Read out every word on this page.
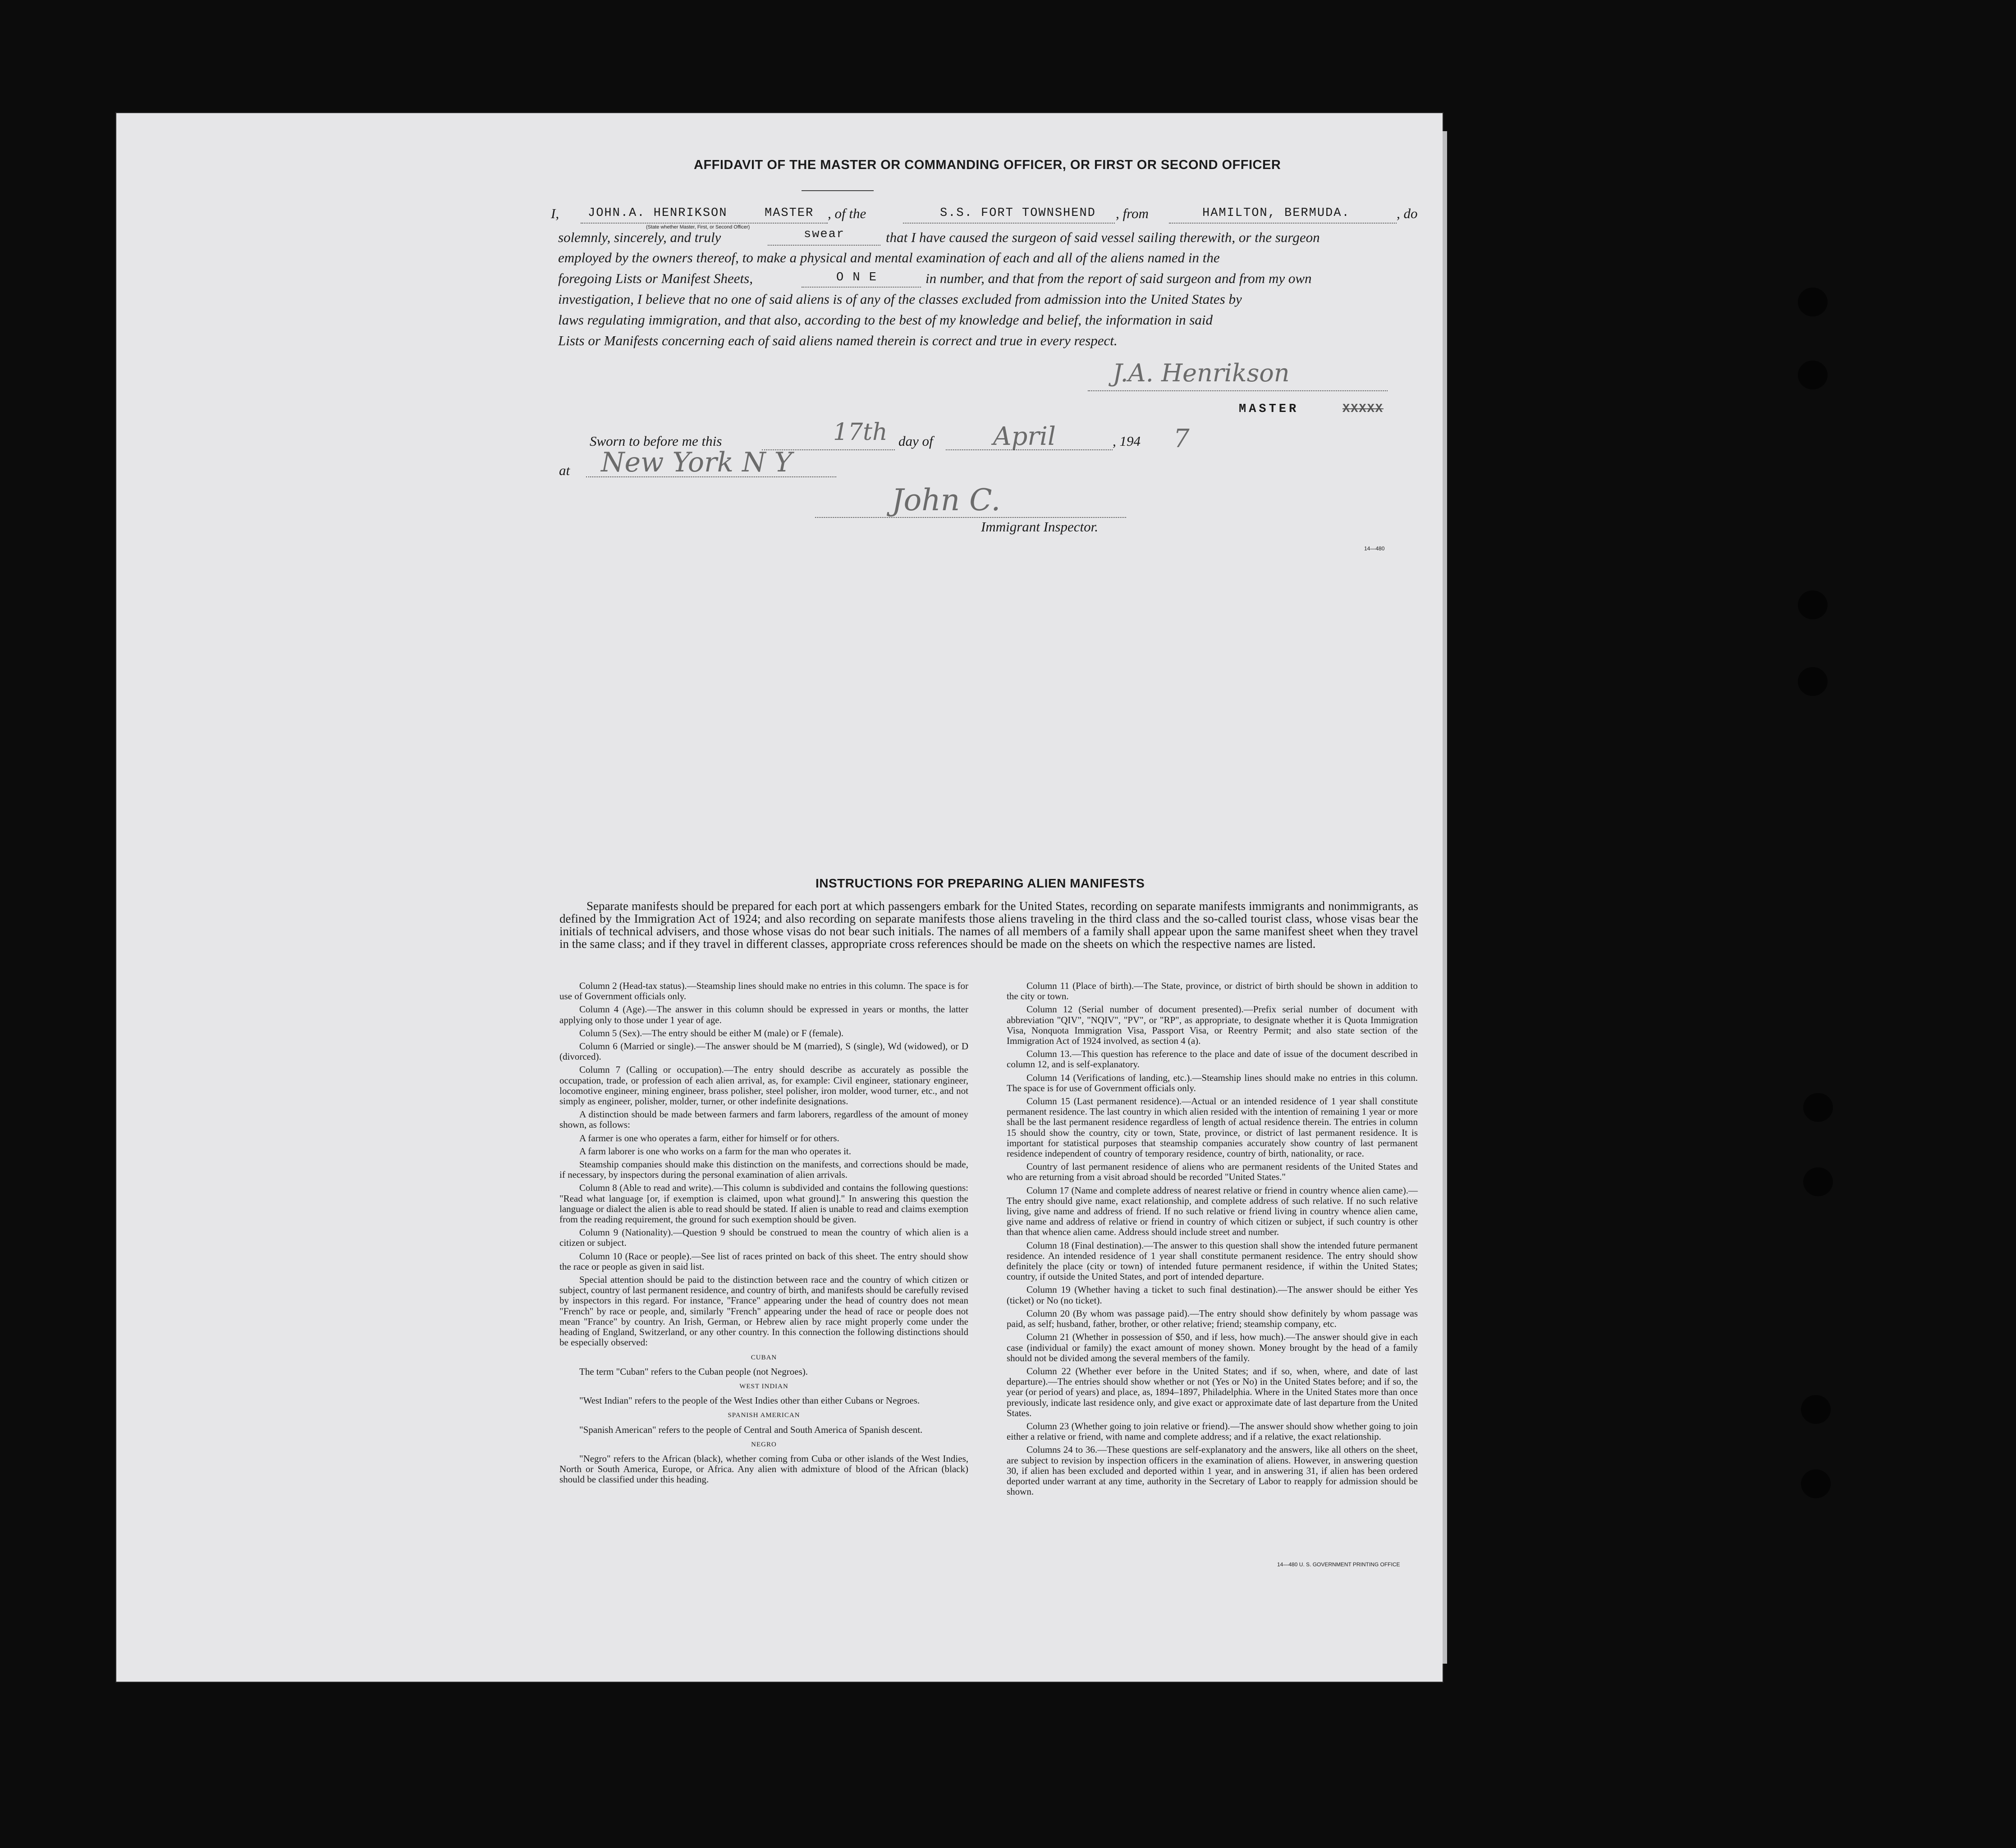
AFFIDAVIT OF THE MASTER OR COMMANDING OFFICER, OR FIRST OR SECOND OFFICER
I, JOHN.A. HENRIKSON	MASTER
(State whether Master, First, or Second Officer)
, of the	S.S. FORT TOWNSHEND , from	HAMILTON, BERMUDA.	, do
solemnly, sincerely, and truly	swear	that I have caused the surgeon of said vessel sailing therewith, or the surgeon
employed by the owners thereof, to make a physical and mental examination of each and all of the aliens named in the
foregoing Lists or Manifest Sheets,	O N E	in number, and that from the report of said surgeon and from my own
investigation, I believe that no one of said aliens is of any of the classes excluded from admission into the United States by
laws regulating immigration, and that also, according to the best of my knowledge and belief, the information in said
Lists or Manifests concerning each of said aliens named therein is correct and true in every respect.
J.A. Henrikson
MASTER	XXXXX
Sworn to before me this	17th day of April	, 194 7
at New York N Y
John C.
Immigrant Inspector.
14—480
INSTRUCTIONS FOR PREPARING ALIEN MANIFESTS
Separate manifests should be prepared for each port at which passengers embark for the United States, recording on separate manifests immigrants and nonimmigrants, as defined by the Immigration Act of 1924; and also recording on separate manifests those aliens traveling in the third class and the so-called tourist class, whose visas bear the initials of technical advisers, and those whose visas do not bear such initials. The names of all members of a family shall appear upon the same manifest sheet when they travel in the same class; and if they travel in different classes, appropriate cross references should be made on the sheets on which the respective names are listed.

Column 2 (Head-tax status).—Steamship lines should make no entries in this column. The space is for use of Government officials only.

Column 4 (Age).—The answer in this column should be expressed in years or months, the latter applying only to those under 1 year of age.

Column 5 (Sex).—The entry should be either M (male) or F (female).

Column 6 (Married or single).—The answer should be M (married), S (single), Wd (widowed), or D (divorced).

Column 7 (Calling or occupation).—The entry should describe as accurately as possible the occupation, trade, or profession of each alien arrival, as, for example: Civil engineer, stationary engineer, locomotive engineer, mining engineer, brass polisher, steel polisher, iron molder, wood turner, etc., and not simply as engineer, polisher, molder, turner, or other indefinite designations.

A distinction should be made between farmers and farm laborers, regardless of the amount of money shown, as follows:

A farmer is one who operates a farm, either for himself or for others.

A farm laborer is one who works on a farm for the man who operates it.

Steamship companies should make this distinction on the manifests, and corrections should be made, if necessary, by inspectors during the personal examination of alien arrivals.

Column 8 (Able to read and write).—This column is subdivided and contains the following questions: "Read what language [or, if exemption is claimed, upon what ground]." In answering this question the language or dialect the alien is able to read should be stated. If alien is unable to read and claims exemption from the reading requirement, the ground for such exemption should be given.

Column 9 (Nationality).—Question 9 should be construed to mean the country of which alien is a citizen or subject.

Column 10 (Race or people).—See list of races printed on back of this sheet. The entry should show the race or people as given in said list.

Special attention should be paid to the distinction between race and the country of which citizen or subject, country of last permanent residence, and country of birth, and manifests should be carefully revised by inspectors in this regard. For instance, "France" appearing under the head of country does not mean "French" by race or people, and, similarly "French" appearing under the head of race or people does not mean "France" by country. An Irish, German, or Hebrew alien by race might properly come under the heading of England, Switzerland, or any other country. In this connection the following distinctions should be especially observed:

CUBAN

The term "Cuban" refers to the Cuban people (not Negroes).

WEST INDIAN

"West Indian" refers to the people of the West Indies other than either Cubans or Negroes.

SPANISH AMERICAN

"Spanish American" refers to the people of Central and South America of Spanish descent.

NEGRO

"Negro" refers to the African (black), whether coming from Cuba or other islands of the West Indies, North or South America, Europe, or Africa. Any alien with admixture of blood of the African (black) should be classified under this heading.

Column 11 (Place of birth).—The State, province, or district of birth should be shown in addition to the city or town.

Column 12 (Serial number of document presented).—Prefix serial number of document with abbreviation "QIV", "NQIV", "PV", or "RP", as appropriate, to designate whether it is Quota Immigration Visa, Nonquota Immigration Visa, Passport Visa, or Reentry Permit; and also state section of the Immigration Act of 1924 involved, as section 4 (a).

Column 13.—This question has reference to the place and date of issue of the document described in column 12, and is self-explanatory.

Column 14 (Verifications of landing, etc.).—Steamship lines should make no entries in this column. The space is for use of Government officials only.

Column 15 (Last permanent residence).—Actual or an intended residence of 1 year shall constitute permanent residence. The last country in which alien resided with the intention of remaining 1 year or more shall be the last permanent residence regardless of length of actual residence therein. The entries in column 15 should show the country, city or town, State, province, or district of last permanent residence. It is important for statistical purposes that steamship companies accurately show country of last permanent residence independent of country of temporary residence, country of birth, nationality, or race.

Country of last permanent residence of aliens who are permanent residents of the United States and who are returning from a visit abroad should be recorded "United States."

Column 17 (Name and complete address of nearest relative or friend in country whence alien came).—The entry should give name, exact relationship, and complete address of such relative. If no such relative living, give name and address of friend. If no such relative or friend living in country whence alien came, give name and address of relative or friend in country of which citizen or subject, if such country is other than that whence alien came. Address should include street and number.

Column 18 (Final destination).—The answer to this question shall show the intended future permanent residence. An intended residence of 1 year shall constitute permanent residence. The entry should show definitely the place (city or town) of intended future permanent residence, if within the United States; country, if outside the United States, and port of intended departure.

Column 19 (Whether having a ticket to such final destination).—The answer should be either Yes (ticket) or No (no ticket).

Column 20 (By whom was passage paid).—The entry should show definitely by whom passage was paid, as self; husband, father, brother, or other relative; friend; steamship company, etc.

Column 21 (Whether in possession of $50, and if less, how much).—The answer should give in each case (individual or family) the exact amount of money shown. Money brought by the head of a family should not be divided among the several members of the family.

Column 22 (Whether ever before in the United States; and if so, when, where, and date of last departure).—The entries should show whether or not (Yes or No) in the United States before; and if so, the year (or period of years) and place, as, 1894–1897, Philadelphia. Where in the United States more than once previously, indicate last residence only, and give exact or approximate date of last departure from the United States.

Column 23 (Whether going to join relative or friend).—The answer should show whether going to join either a relative or friend, with name and complete address; and if a relative, the exact relationship.

Columns 24 to 36.—These questions are self-explanatory and the answers, like all others on the sheet, are subject to revision by inspection officers in the examination of aliens. However, in answering question 30, if alien has been excluded and deported within 1 year, and in answering 31, if alien has been ordered deported under warrant at any time, authority in the Secretary of Labor to reapply for admission should be shown.

14—480 U. S. GOVERNMENT PRINTING OFFICE
